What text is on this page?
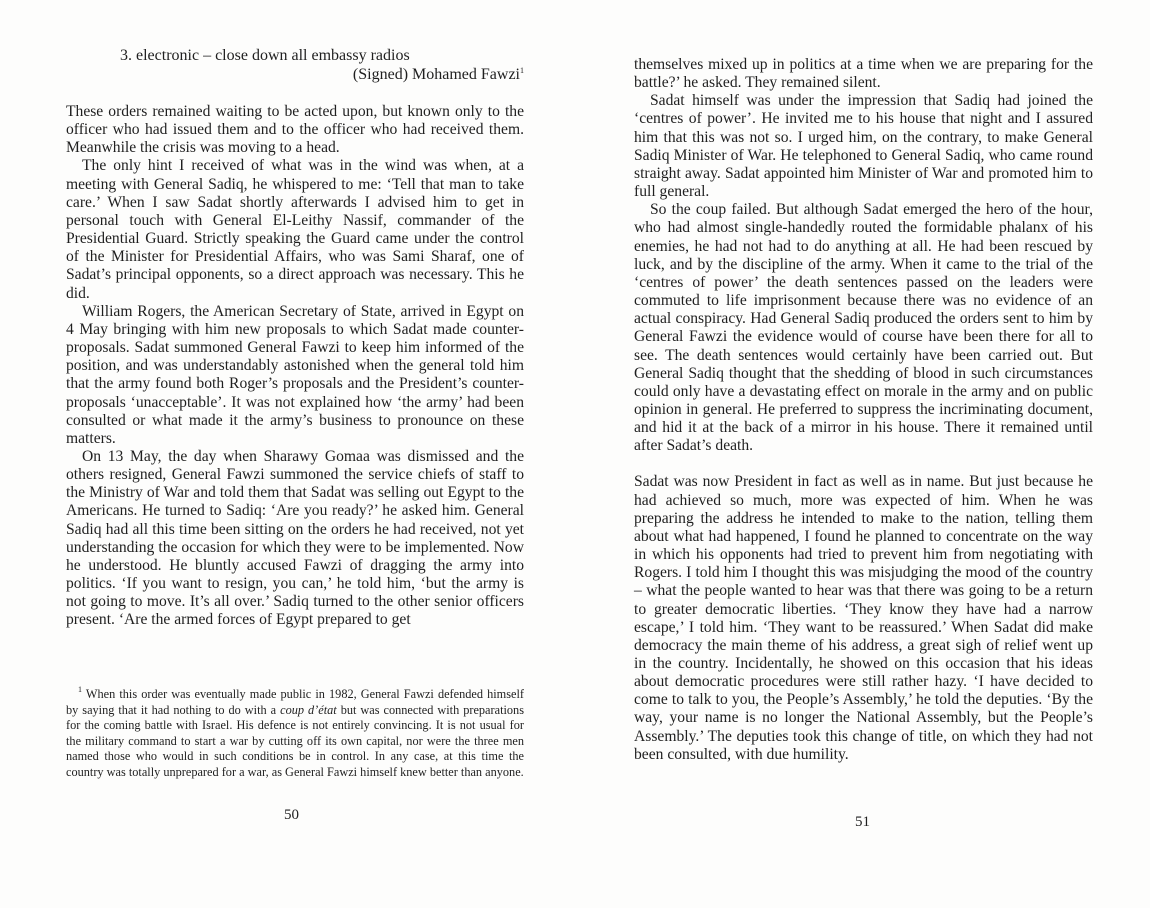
3. electronic – close down all embassy radios
(Signed) Mohamed Fawzi$^1$

These orders remained waiting to be acted upon, but known only to the officer who had issued them and to the officer who had received them. Meanwhile the crisis was moving to a head.

The only hint I received of what was in the wind was when, at a meeting with General Sadiq, he whispered to me: ‘Tell that man to take care.’ When I saw Sadat shortly afterwards I advised him to get in personal touch with General El-Leithy Nassif, commander of the Presidential Guard. Strictly speaking the Guard came under the control of the Minister for Presidential Affairs, who was Sami Sharaf, one of Sadat’s principal opponents, so a direct approach was necessary. This he did.

William Rogers, the American Secretary of State, arrived in Egypt on 4 May bringing with him new proposals to which Sadat made counter-proposals. Sadat summoned General Fawzi to keep him informed of the position, and was understandably astonished when the general told him that the army found both Roger’s proposals and the President’s counter-proposals ‘unacceptable’. It was not explained how ‘the army’ had been consulted or what made it the army’s business to pronounce on these matters.

On 13 May, the day when Sharawy Gomaa was dismissed and the others resigned, General Fawzi summoned the service chiefs of staff to the Ministry of War and told them that Sadat was selling out Egypt to the Americans. He turned to Sadiq: ‘Are you ready?’ he asked him. General Sadiq had all this time been sitting on the orders he had received, not yet understanding the occasion for which they were to be implemented. Now he understood. He bluntly accused Fawzi of dragging the army into politics. ‘If you want to resign, you can,’ he told him, ‘but the army is not going to move. It’s all over.’ Sadiq turned to the other senior officers present. ‘Are the armed forces of Egypt prepared to get

$^1$ When this order was eventually made public in 1982, General Fawzi defended himself by saying that it had nothing to do with a coup d’état but was connected with preparations for the coming battle with Israel. His defence is not entirely convincing. It is not usual for the military command to start a war by cutting off its own capital, nor were the three men named those who would in such conditions be in control. In any case, at this time the country was totally unprepared for a war, as General Fawzi himself knew better than anyone.

50

themselves mixed up in politics at a time when we are preparing for the battle?’ he asked. They remained silent.

Sadat himself was under the impression that Sadiq had joined the ‘centres of power’. He invited me to his house that night and I assured him that this was not so. I urged him, on the contrary, to make General Sadiq Minister of War. He telephoned to General Sadiq, who came round straight away. Sadat appointed him Minister of War and promoted him to full general.

So the coup failed. But although Sadat emerged the hero of the hour, who had almost single-handedly routed the formidable phalanx of his enemies, he had not had to do anything at all. He had been rescued by luck, and by the discipline of the army. When it came to the trial of the ‘centres of power’ the death sentences passed on the leaders were commuted to life imprisonment because there was no evidence of an actual conspiracy. Had General Sadiq produced the orders sent to him by General Fawzi the evidence would of course have been there for all to see. The death sentences would certainly have been carried out. But General Sadiq thought that the shedding of blood in such circumstances could only have a devastating effect on morale in the army and on public opinion in general. He preferred to suppress the incriminating document, and hid it at the back of a mirror in his house. There it remained until after Sadat’s death.

Sadat was now President in fact as well as in name. But just because he had achieved so much, more was expected of him. When he was preparing the address he intended to make to the nation, telling them about what had happened, I found he planned to concentrate on the way in which his opponents had tried to prevent him from negotiating with Rogers. I told him I thought this was misjudging the mood of the country – what the people wanted to hear was that there was going to be a return to greater democratic liberties. ‘They know they have had a narrow escape,’ I told him. ‘They want to be reassured.’ When Sadat did make democracy the main theme of his address, a great sigh of relief went up in the country. Incidentally, he showed on this occasion that his ideas about democratic procedures were still rather hazy. ‘I have decided to come to talk to you, the People’s Assembly,’ he told the deputies. ‘By the way, your name is no longer the National Assembly, but the People’s Assembly.’ The deputies took this change of title, on which they had not been consulted, with due humility.

51
